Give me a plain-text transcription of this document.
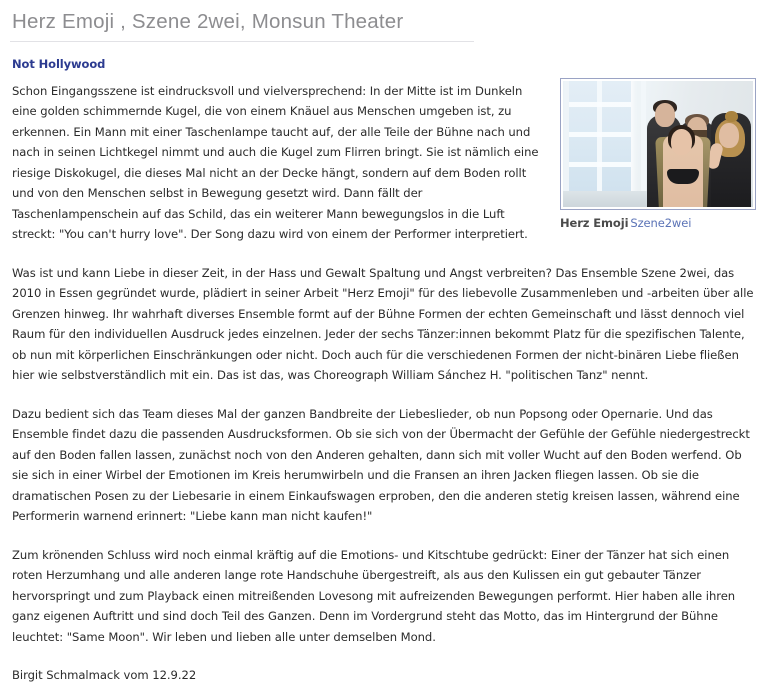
Herz Emoji , Szene 2wei, Monsun Theater
Not Hollywood
Herz Emoji Szene2wei

Schon Eingangsszene ist eindrucksvoll und vielversprechend: In der Mitte ist im Dunkeln eine golden schimmernde Kugel, die von einem Knäuel aus Menschen umgeben ist, zu erkennen. Ein Mann mit einer Taschenlampe taucht auf, der alle Teile der Bühne nach und nach in seinen Lichtkegel nimmt und auch die Kugel zum Flirren bringt. Sie ist nämlich eine riesige Diskokugel, die dieses Mal nicht an der Decke hängt, sondern auf dem Boden rollt und von den Menschen selbst in Bewegung gesetzt wird. Dann fällt der Taschenlampenschein auf das Schild, das ein weiterer Mann bewegungslos in die Luft streckt: "You can't hurry love". Der Song dazu wird von einem der Performer interpretiert.

Was ist und kann Liebe in dieser Zeit, in der Hass und Gewalt Spaltung und Angst verbreiten? Das Ensemble Szene 2wei, das 2010 in Essen gegründet wurde, plädiert in seiner Arbeit "Herz Emoji" für des liebevolle Zusammenleben und -arbeiten über alle Grenzen hinweg. Ihr wahrhaft diverses Ensemble formt auf der Bühne Formen der echten Gemeinschaft und lässt dennoch viel Raum für den individuellen Ausdruck jedes einzelnen. Jeder der sechs Tänzer:innen bekommt Platz für die spezifischen Talente, ob nun mit körperlichen Einschränkungen oder nicht. Doch auch für die verschiedenen Formen der nicht-binären Liebe fließen hier wie selbstverständlich mit ein. Das ist das, was Choreograph William Sánchez H. "politischen Tanz" nennt.

Dazu bedient sich das Team dieses Mal der ganzen Bandbreite der Liebeslieder, ob nun Popsong oder Opernarie. Und das Ensemble findet dazu die passenden Ausdrucksformen. Ob sie sich von der Übermacht der Gefühle der Gefühle niedergestreckt auf den Boden fallen lassen, zunächst noch von den Anderen gehalten, dann sich mit voller Wucht auf den Boden werfend. Ob sie sich in einer Wirbel der Emotionen im Kreis herumwirbeln und die Fransen an ihren Jacken fliegen lassen. Ob sie die dramatischen Posen zu der Liebesarie in einem Einkaufswagen erproben, den die anderen stetig kreisen lassen, während eine Performerin warnend erinnert: "Liebe kann man nicht kaufen!"

Zum krönenden Schluss wird noch einmal kräftig auf die Emotions- und Kitschtube gedrückt: Einer der Tänzer hat sich einen roten Herzumhang und alle anderen lange rote Handschuhe übergestreift, als aus den Kulissen ein gut gebauter Tänzer hervorspringt und zum Playback einen mitreißenden Lovesong mit aufreizenden Bewegungen performt. Hier haben alle ihren ganz eigenen Auftritt und sind doch Teil des Ganzen. Denn im Vordergrund steht das Motto, das im Hintergrund der Bühne leuchtet: "Same Moon". Wir leben und lieben alle unter demselben Mond.

Birgit Schmalmack vom 12.9.22
